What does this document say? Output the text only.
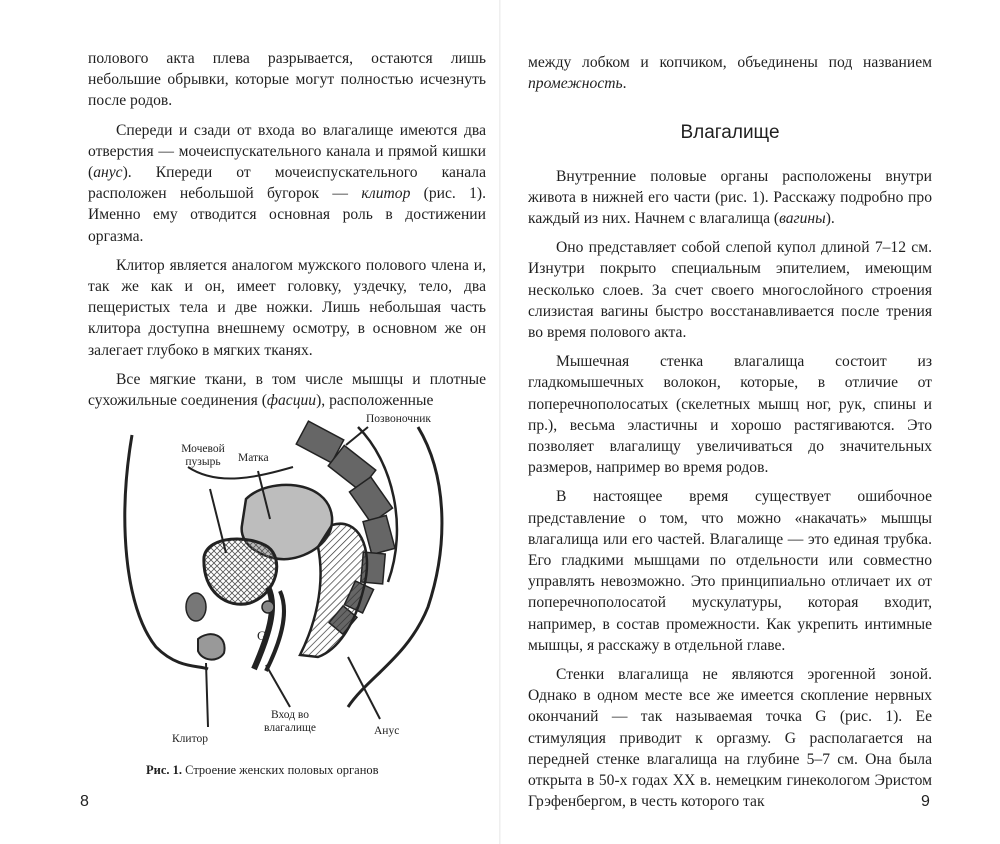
полового акта плева разрывается, остаются лишь небольшие обрывки, которые могут полностью исчезнуть после родов.

Спереди и сзади от входа во влагалище имеются два отверстия — мочеиспускательного канала и прямой кишки (анус). Кпереди от мочеиспускательного канала расположен небольшой бугорок — клитор (рис. 1). Именно ему отводится основная роль в достижении оргазма.

Клитор является аналогом мужского полового члена и, так же как и он, имеет головку, уздечку, тело, два пещеристых тела и две ножки. Лишь небольшая часть клитора доступна внешнему осмотру, в основном же он залегает глубоко в мягких тканях.

Все мягкие ткани, в том числе мышцы и плотные сухожильные соединения (фасции), расположенные

Позвоночник
Мочевой пузырь	Матка
G
Клитор
Вход во влагалище	Анус
Рис. 1. Строение женских половых органов
8

между лобком и копчиком, объединены под названием промежность.

Влагалище

Внутренние половые органы расположены внутри живота в нижней его части (рис. 1). Расскажу подробно про каждый из них. Начнем с влагалища (вагины).

Оно представляет собой слепой купол длиной 7–12 см. Изнутри покрыто специальным эпителием, имеющим несколько слоев. За счет своего многослойного строения слизистая вагины быстро восстанавливается после трения во время полового акта.

Мышечная стенка влагалища состоит из гладкомышечных волокон, которые, в отличие от поперечнополосатых (скелетных мышц ног, рук, спины и пр.), весьма эластичны и хорошо растягиваются. Это позволяет влагалищу увеличиваться до значительных размеров, например во время родов.

В настоящее время существует ошибочное представление о том, что можно «накачать» мышцы влагалища или его частей. Влагалище — это единая трубка. Его гладкими мышцами по отдельности или совместно управлять невозможно. Это принципиально отличает их от поперечнополосатой мускулатуры, которая входит, например, в состав промежности. Как укрепить интимные мышцы, я расскажу в отдельной главе.

Стенки влагалища не являются эрогенной зоной. Однако в одном месте все же имеется скопление нервных окончаний — так называемая точка G (рис. 1). Ее стимуляция приводит к оргазму. G располагается на передней стенке влагалища на глубине 5–7 см. Она была открыта в 50-х годах XX в. немецким гинекологом Эристом Грэфенбергом, в честь которого так	9
